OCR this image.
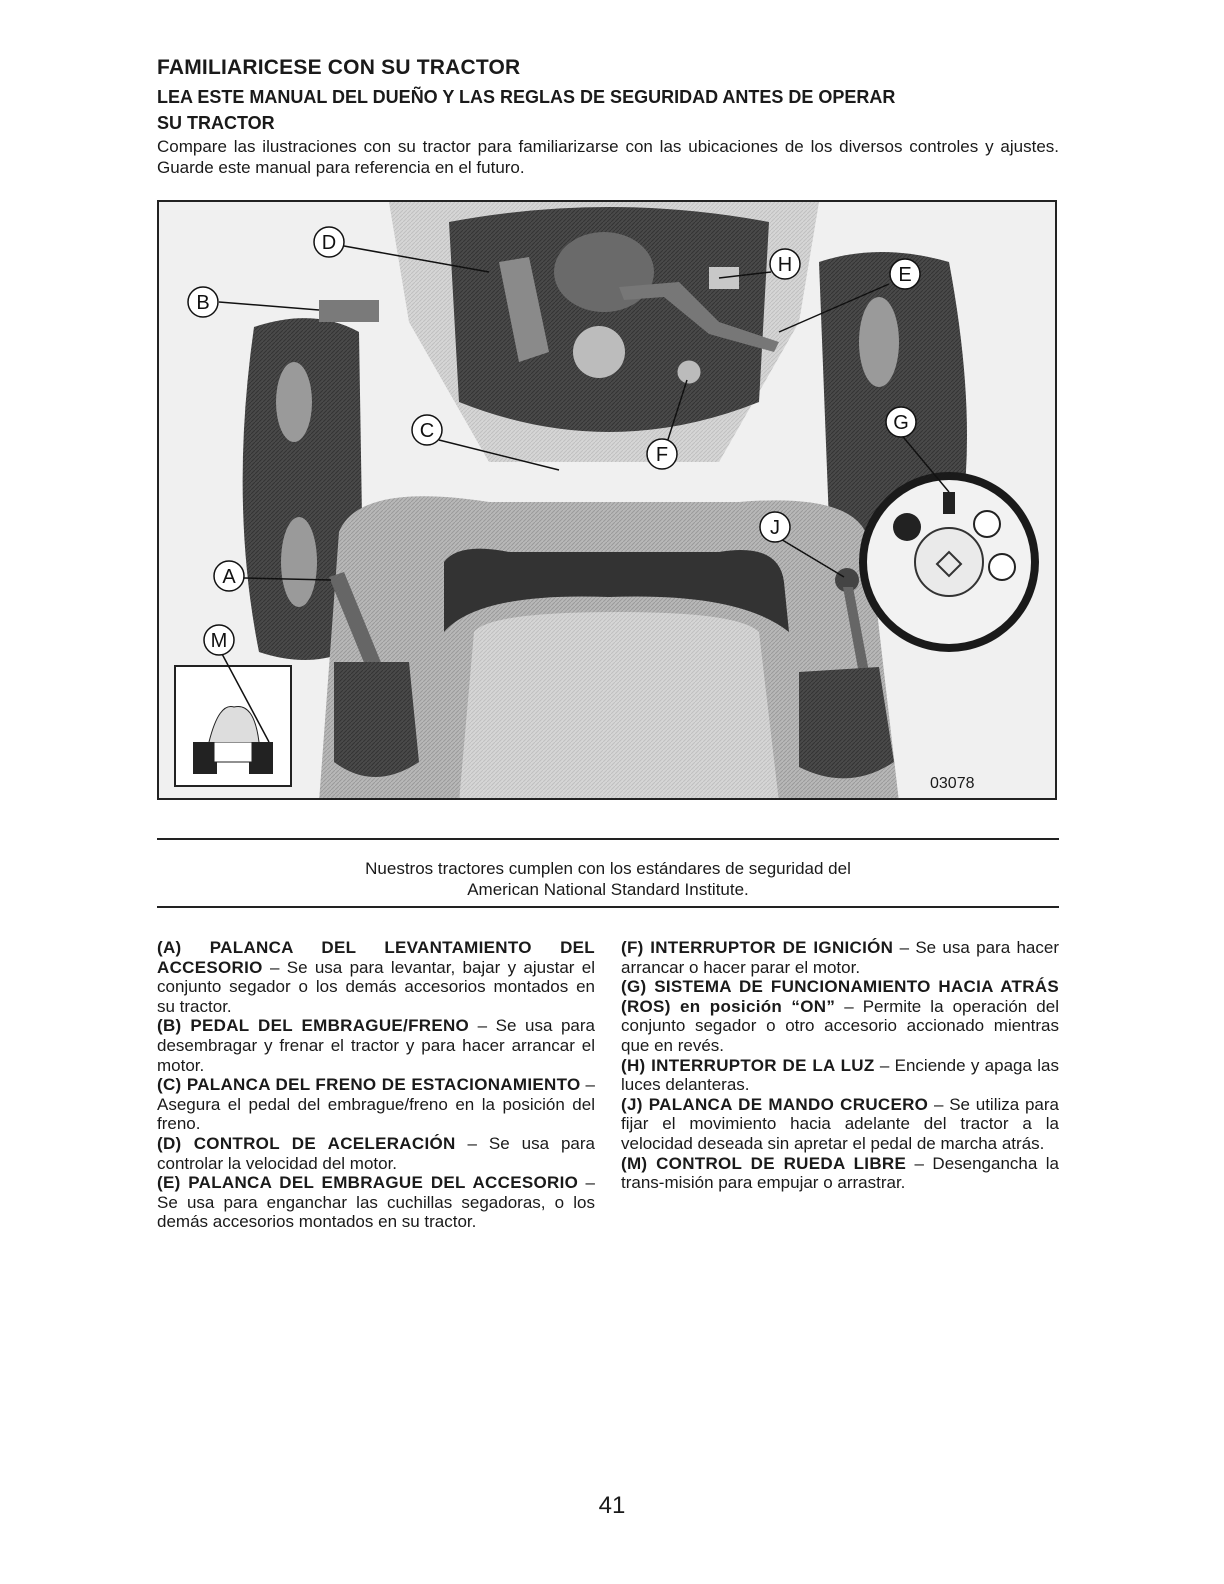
FAMILIARICESE CON SU TRACTOR
LEA ESTE MANUAL DEL DUEÑO Y LAS REGLAS DE SEGURIDAD ANTES DE OPERAR
SU TRACTOR

Compare las ilustraciones con su tractor para familiarizarse con las ubicaciones de los diversos controles y ajustes. Guarde este manual para referencia en el futuro.

D
H	E
B
C
F
G
J
A
M
03078
Nuestros tractores cumplen con los estándares de seguridad del
American National Standard Institute.

(A) PALANCA DEL LEVANTAMIENTO DEL ACCESORIO – Se usa para levantar, bajar y ajustar el conjunto segador o los demás accesorios montados en su tractor.

(B) PEDAL DEL EMBRAGUE/FRENO – Se usa para desembragar y frenar el tractor y para hacer arrancar el motor.

(C) PALANCA DEL FRENO DE ESTACIONAMIENTO – Asegura el pedal del embrague/freno en la posición del freno.

(D) CONTROL DE ACELERACIÓN – Se usa para controlar la velocidad del motor.

(E) PALANCA DEL EMBRAGUE DEL ACCESORIO – Se usa para enganchar las cuchillas segadoras, o los demás accesorios montados en su tractor.

(F) INTERRUPTOR DE IGNICIÓN – Se usa para hacer arrancar o hacer parar el motor.

(G) SISTEMA DE FUNCIONAMIENTO HACIA ATRÁS (ROS) en posición “ON” – Permite la operación del conjunto segador o otro accesorio accionado mientras que en revés.

(H) INTERRUPTOR DE LA LUZ – Enciende y apaga las luces delanteras.

(J) PALANCA DE MANDO CRUCERO – Se utiliza para fijar el movimiento hacia adelante del tractor a la velocidad deseada sin apretar el pedal de marcha atrás.

(M) CONTROL DE RUEDA LIBRE – Desengancha la trans-misión para empujar o arrastrar.

41
